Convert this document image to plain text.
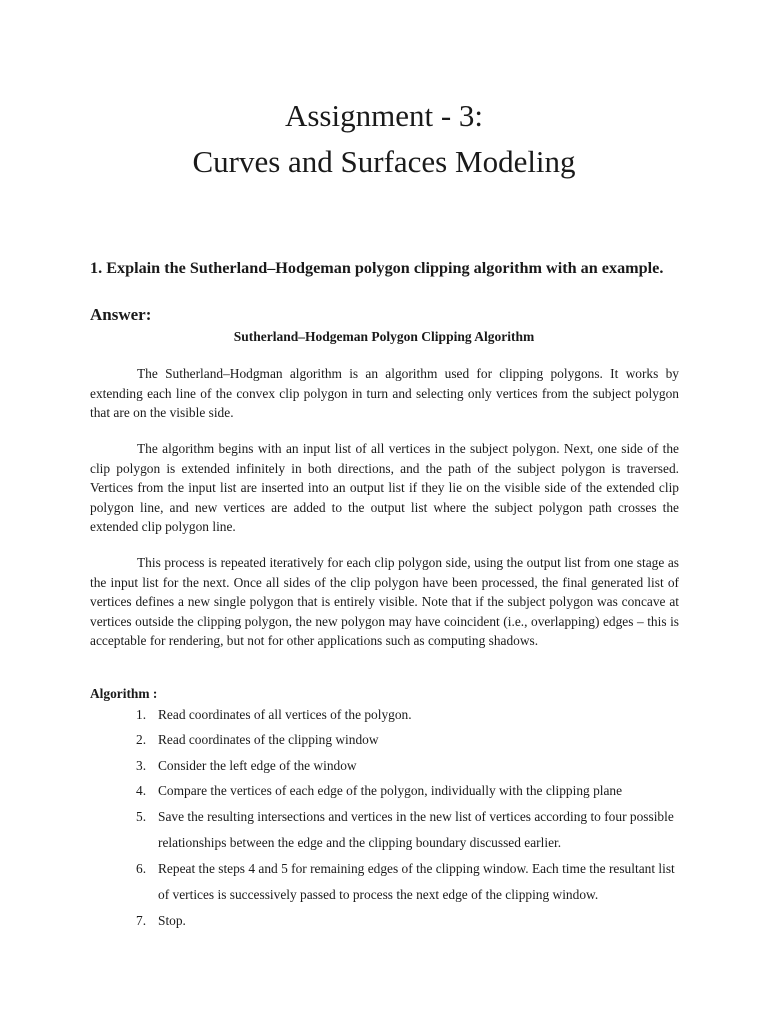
Assignment - 3:
Curves and Surfaces Modeling

1. Explain the Sutherland–Hodgeman polygon clipping algorithm with an example.

Answer:

Sutherland–Hodgeman Polygon Clipping Algorithm

The Sutherland–Hodgman algorithm is an algorithm used for clipping polygons. It works by extending each line of the convex clip polygon in turn and selecting only vertices from the subject polygon that are on the visible side.

The algorithm begins with an input list of all vertices in the subject polygon. Next, one side of the clip polygon is extended infinitely in both directions, and the path of the subject polygon is traversed. Vertices from the input list are inserted into an output list if they lie on the visible side of the extended clip polygon line, and new vertices are added to the output list where the subject polygon path crosses the extended clip polygon line.

This process is repeated iteratively for each clip polygon side, using the output list from one stage as the input list for the next. Once all sides of the clip polygon have been processed, the final generated list of vertices defines a new single polygon that is entirely visible. Note that if the subject polygon was concave at vertices outside the clipping polygon, the new polygon may have coincident (i.e., overlapping) edges – this is acceptable for rendering, but not for other applications such as computing shadows.

Algorithm :

1. Read coordinates of all vertices of the polygon.
2. Read coordinates of the clipping window
3. Consider the left edge of the window
4. Compare the vertices of each edge of the polygon, individually with the clipping plane
5. Save the resulting intersections and vertices in the new list of vertices according to four possible relationships between the edge and the clipping boundary discussed earlier.
6. Repeat the steps 4 and 5 for remaining edges of the clipping window. Each time the resultant list of vertices is successively passed to process the next edge of the clipping window.
7. Stop.
